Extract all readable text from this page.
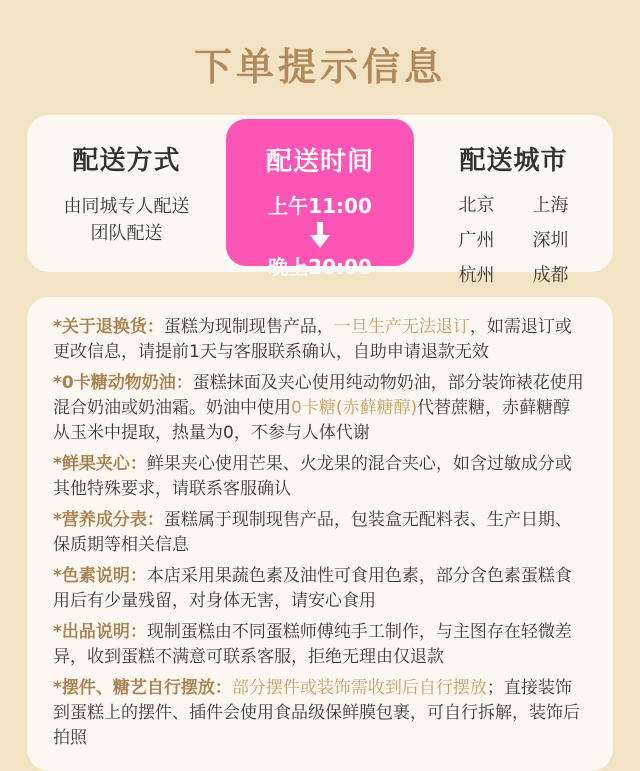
下单提示信息
配送方式
由同城专人配送
团队配送
配送时间
上午11:00
晚上20:00
配送城市
北京 上海
广州 深圳
杭州 成都

*关于退换货：蛋糕为现制现售产品，一旦生产无法退订，如需退订或更改信息，请提前1天与客服联系确认，自助申请退款无效

*0卡糖动物奶油：蛋糕抹面及夹心使用纯动物奶油，部分装饰裱花使用混合奶油或奶油霜。奶油中使用0卡糖(赤藓糖醇)代替蔗糖，赤藓糖醇从玉米中提取，热量为0，不参与人体代谢

*鲜果夹心：鲜果夹心使用芒果、火龙果的混合夹心，如含过敏成分或其他特殊要求，请联系客服确认

*营养成分表：蛋糕属于现制现售产品，包装盒无配料表、生产日期、保质期等相关信息

*色素说明：本店采用果蔬色素及油性可食用色素，部分含色素蛋糕食用后有少量残留，对身体无害，请安心食用

*出品说明：现制蛋糕由不同蛋糕师傅纯手工制作，与主图存在轻微差异，收到蛋糕不满意可联系客服，拒绝无理由仅退款

*摆件、糖艺自行摆放：部分摆件或装饰需收到后自行摆放；直接装饰到蛋糕上的摆件、插件会使用食品级保鲜膜包裹，可自行拆解，装饰后拍照
